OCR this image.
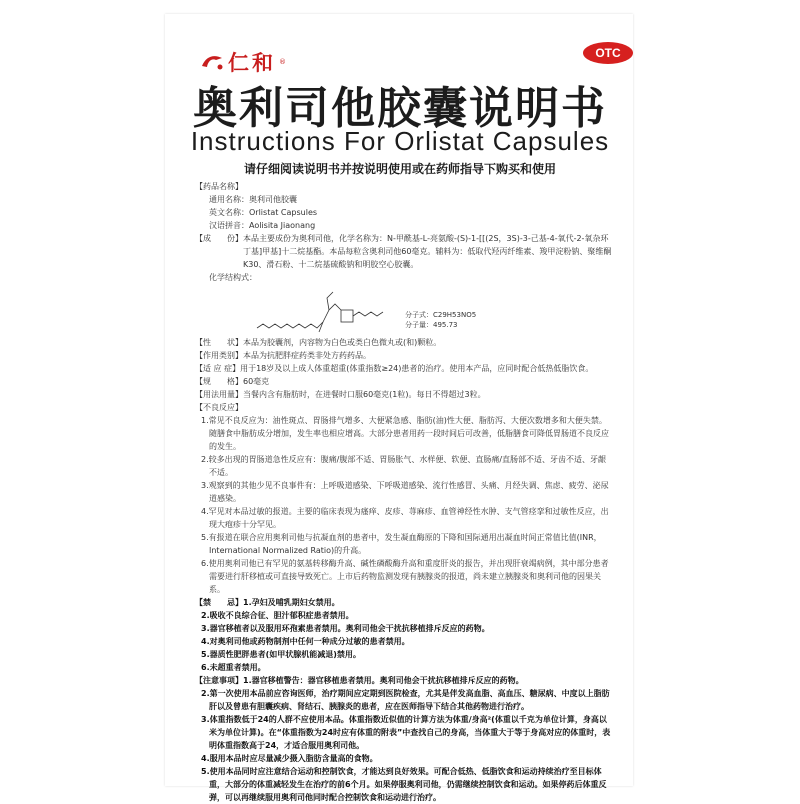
仁和 ®
OTC
奥利司他胶囊说明书
Instructions For Orlistat Capsules
请仔细阅读说明书并按说明使用或在药师指导下购买和使用
【药品名称】
通用名称：奥利司他胶囊
英文名称：Orlistat Capsules
汉语拼音：Aolisita Jiaonang
【成　　份】 本品主要成份为奥利司他，化学名称为：N-甲酰基-L-亮氨酸-(S)-1-[[(2S，3S)-3-己基-4-氧代-2-氧杂环丁基]甲基]十二烷基酯。本品每粒含奥利司他60毫克。辅料为：低取代羟丙纤维素、羧甲淀粉钠、聚维酮K30、滑石粉、十二烷基硫酸钠和明胶空心胶囊。
化学结构式：
分子式：C29H53NO5
分子量：495.73
【性　　状】 本品为胶囊剂，内容物为白色或类白色微丸或(和)颗粒。
【作用类别】 本品为抗肥胖症药类非处方药药品。
【适 应 症】 用于18岁及以上成人体重超重(体重指数≥24)患者的治疗。使用本产品，应同时配合低热低脂饮食。
【规　　格】 60毫克
【用法用量】 当餐内含有脂肪时，在进餐时口服60毫克(1粒)。每日不得超过3粒。
【不良反应】
1.常见不良反应为：油性斑点、胃肠排气增多、大便紧急感、脂肪(油)性大便、脂肪泻、大便次数增多和大便失禁。随膳食中脂肪成分增加，发生率也相应增高。大部分患者用药一段时间后可改善，低脂膳食可降低胃肠道不良反应的发生。
2.较多出现的胃肠道急性反应有：腹痛/腹部不适、胃肠胀气、水样便、软便、直肠痛/直肠部不适、牙齿不适、牙龈不适。
3.观察到的其他少见不良事件有：上呼吸道感染、下呼吸道感染、流行性感冒、头痛、月经失调、焦虑、疲劳、泌尿道感染。
4.罕见对本品过敏的报道。主要的临床表现为瘙痒、皮疹、荨麻疹、血管神经性水肿、支气管痉挛和过敏性反应，出现大疱疹十分罕见。
5.有报道在联合应用奥利司他与抗凝血剂的患者中，发生凝血酶原的下降和国际通用出凝血时间正常值比值(INR，International Normalized Ratio)的升高。
6.使用奥利司他已有罕见的氨基转移酶升高、碱性磷酸酶升高和重度肝炎的报告，并出现肝衰竭病例，其中部分患者需要进行肝移植或可直接导致死亡。上市后药物监测发现有胰腺炎的报道，尚未建立胰腺炎和奥利司他的因果关系。
【禁　　忌】 1.孕妇及哺乳期妇女禁用。
2.吸收不良综合征、胆汁郁积症患者禁用。
3.器官移植者以及服用环孢素患者禁用。奥利司他会干扰抗移植排斥反应的药物。
4.对奥利司他或药物制剂中任何一种成分过敏的患者禁用。
5.器质性肥胖患者(如甲状腺机能减退)禁用。
6.未超重者禁用。
【注意事项】 1.器官移植警告：器官移植患者禁用。奥利司他会干扰抗移植排斥反应的药物。
2.第一次使用本品前应咨询医师，治疗期间应定期到医院检查，尤其是伴发高血脂、高血压、糖尿病、中度以上脂肪肝以及曾患有胆囊疾病、肾结石、胰腺炎的患者，应在医师指导下结合其他药物进行治疗。
3.体重指数低于24的人群不应使用本品。体重指数近似值的计算方法为体重/身高²(体重以千克为单位计算，身高以米为单位计算)。在“体重指数为24时应有体重的附表”中查找自己的身高，当体重大于等于身高对应的体重时，表明体重指数高于24，才适合服用奥利司他。
4.服用本品时应尽量减少摄入脂肪含量高的食物。
5.使用本品同时应注意结合运动和控制饮食，才能达到良好效果。可配合低热、低脂饮食和运动持续治疗至目标体重，大部分的体重减轻发生在治疗的前6个月。如果停服奥利司他，仍需继续控制饮食和运动。如果停药后体重反弹，可以再继续服用奥利司他同时配合控制饮食和运动进行治疗。
